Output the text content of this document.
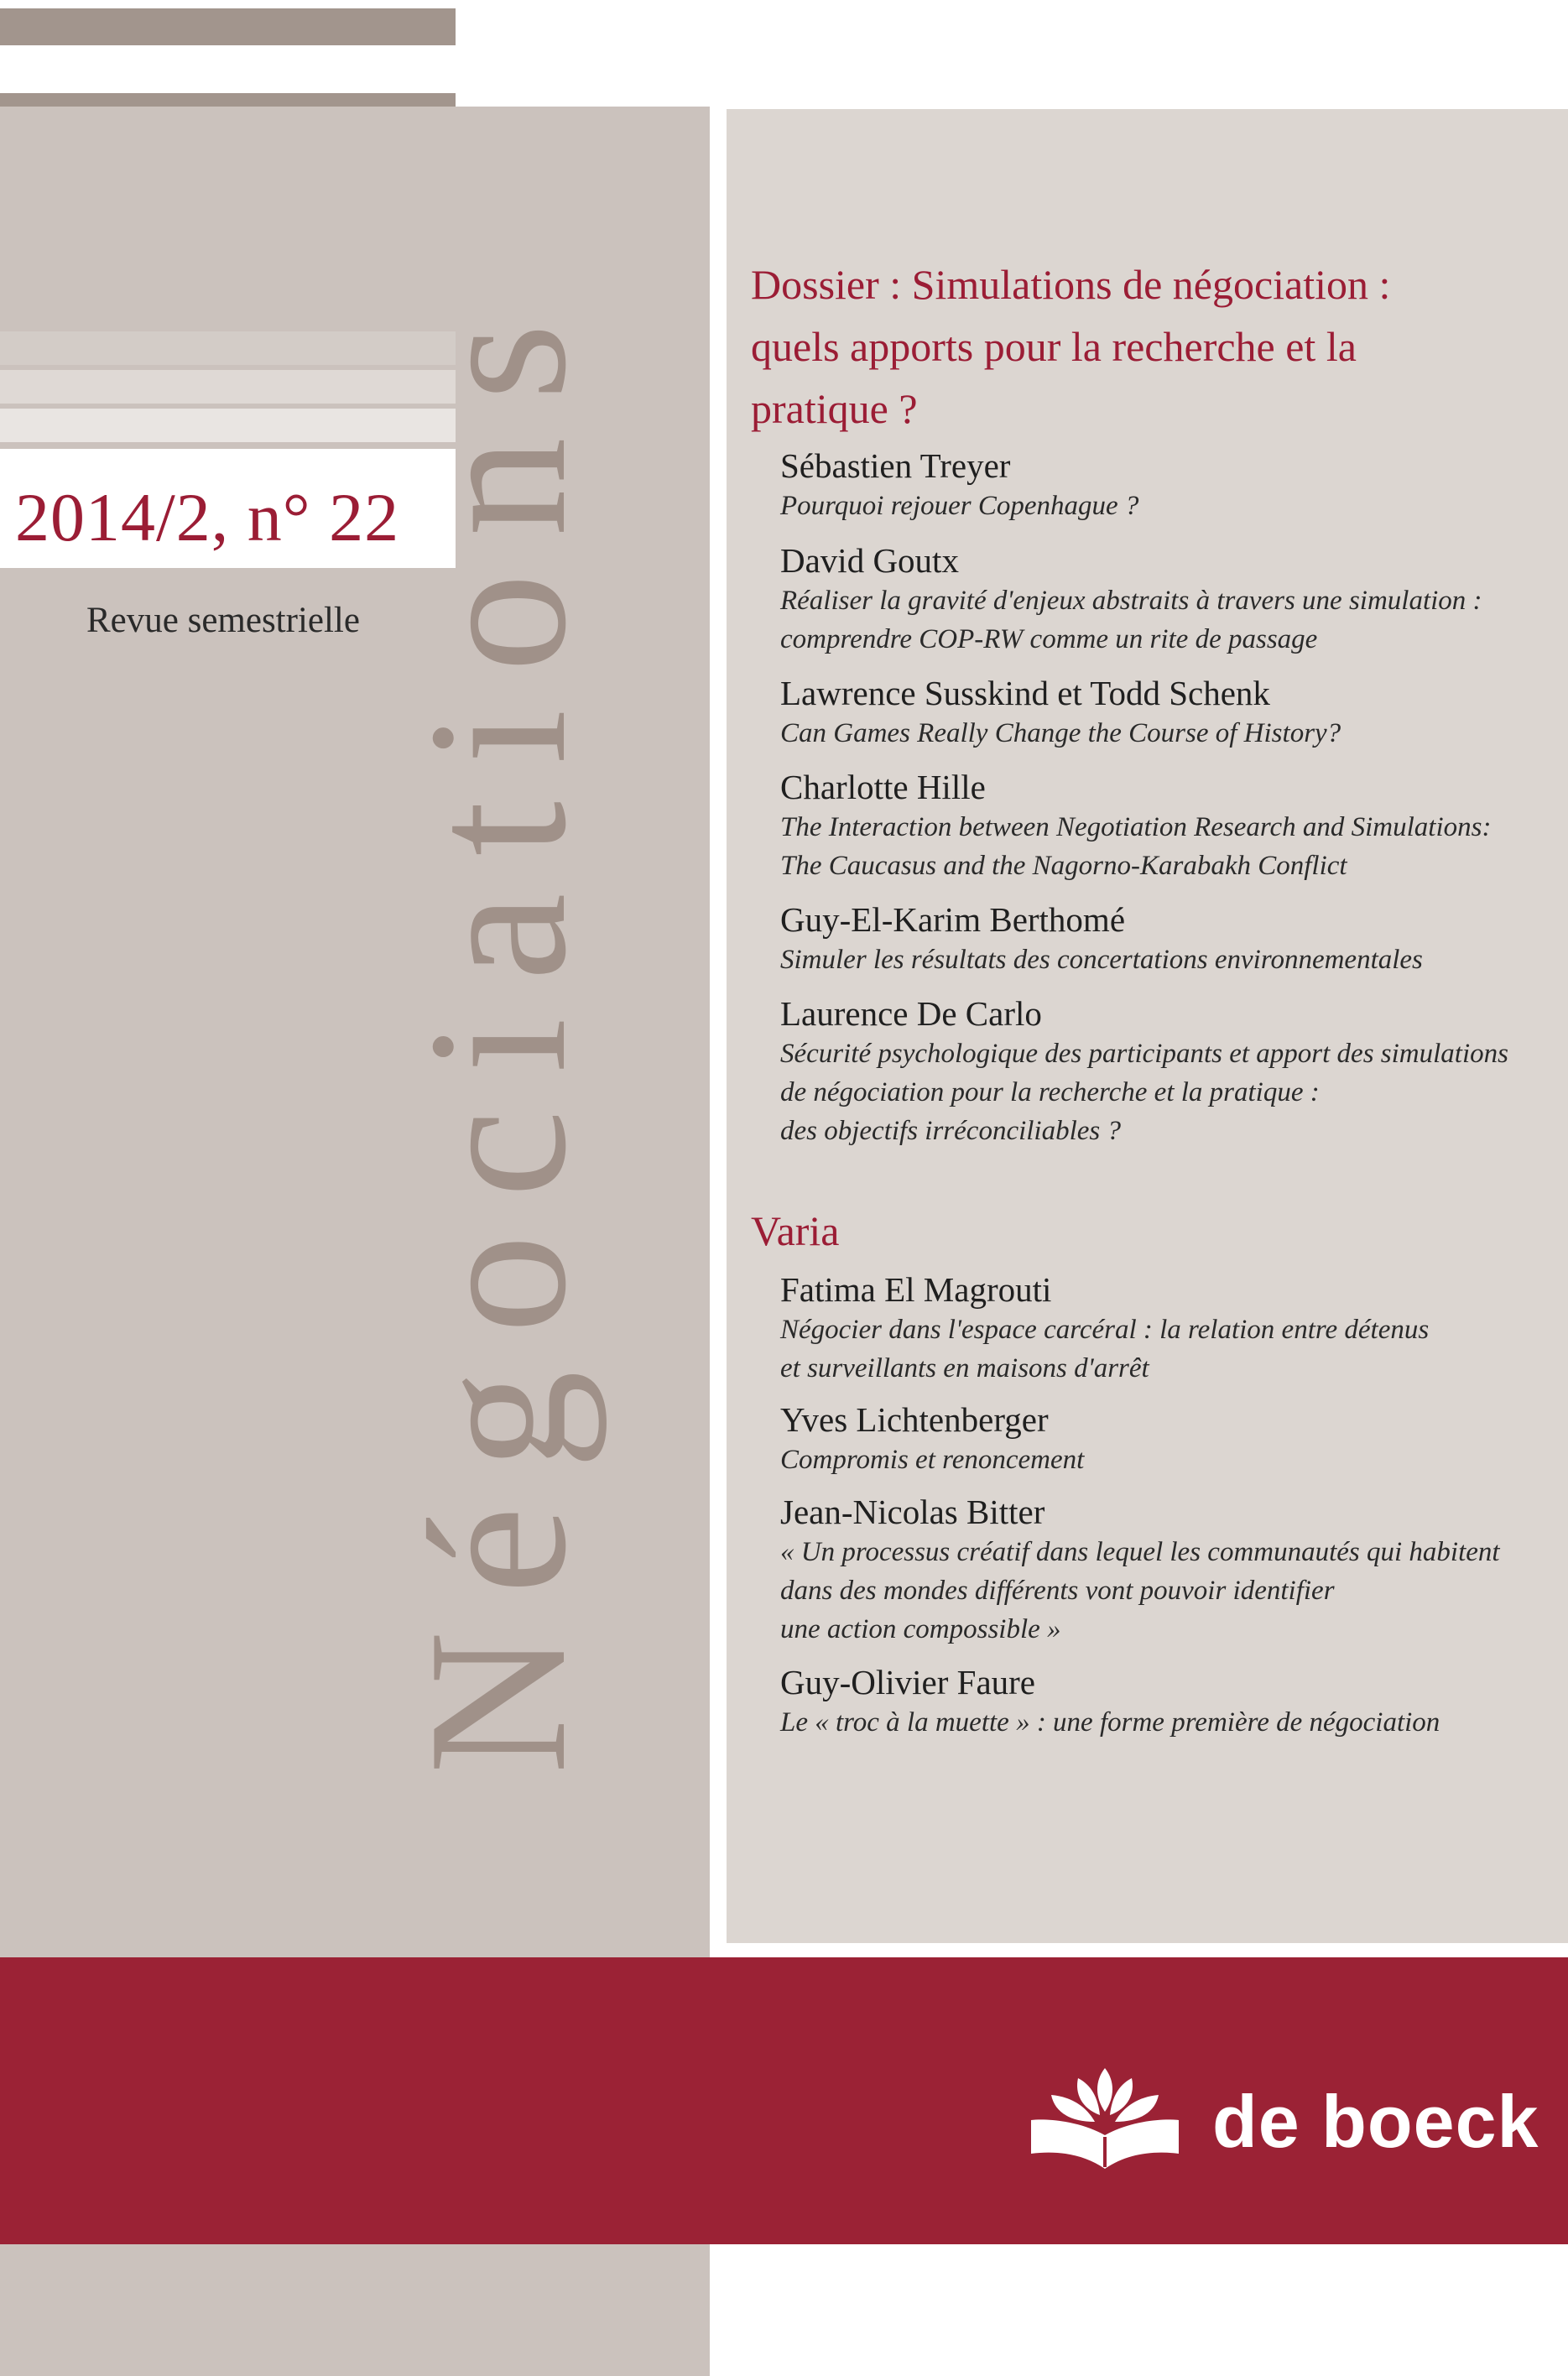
2014/2, n° 22
Revue semestrielle Négociations
Dossier : Simulations de négociation :
quels apports pour la recherche et la
pratique ?
Sébastien Treyer
Pourquoi rejouer Copenhague ?
David Goutx
Réaliser la gravité d'enjeux abstraits à travers une simulation :
comprendre COP-RW comme un rite de passage
Lawrence Susskind et Todd Schenk
Can Games Really Change the Course of History?
Charlotte Hille
The Interaction between Negotiation Research and Simulations:
The Caucasus and the Nagorno-Karabakh Conflict
Guy-El-Karim Berthomé
Simuler les résultats des concertations environnementales
Laurence De Carlo
Sécurité psychologique des participants et apport des simulations
de négociation pour la recherche et la pratique :
des objectifs irréconciliables ?
Varia
Fatima El Magrouti
Négocier dans l'espace carcéral : la relation entre détenus
et surveillants en maisons d'arrêt
Yves Lichtenberger
Compromis et renoncement
Jean-Nicolas Bitter
« Un processus créatif dans lequel les communautés qui habitent
dans des mondes différents vont pouvoir identifier
une action compossible »
Guy-Olivier Faure
Le « troc à la muette » : une forme première de négociation
de boeck
